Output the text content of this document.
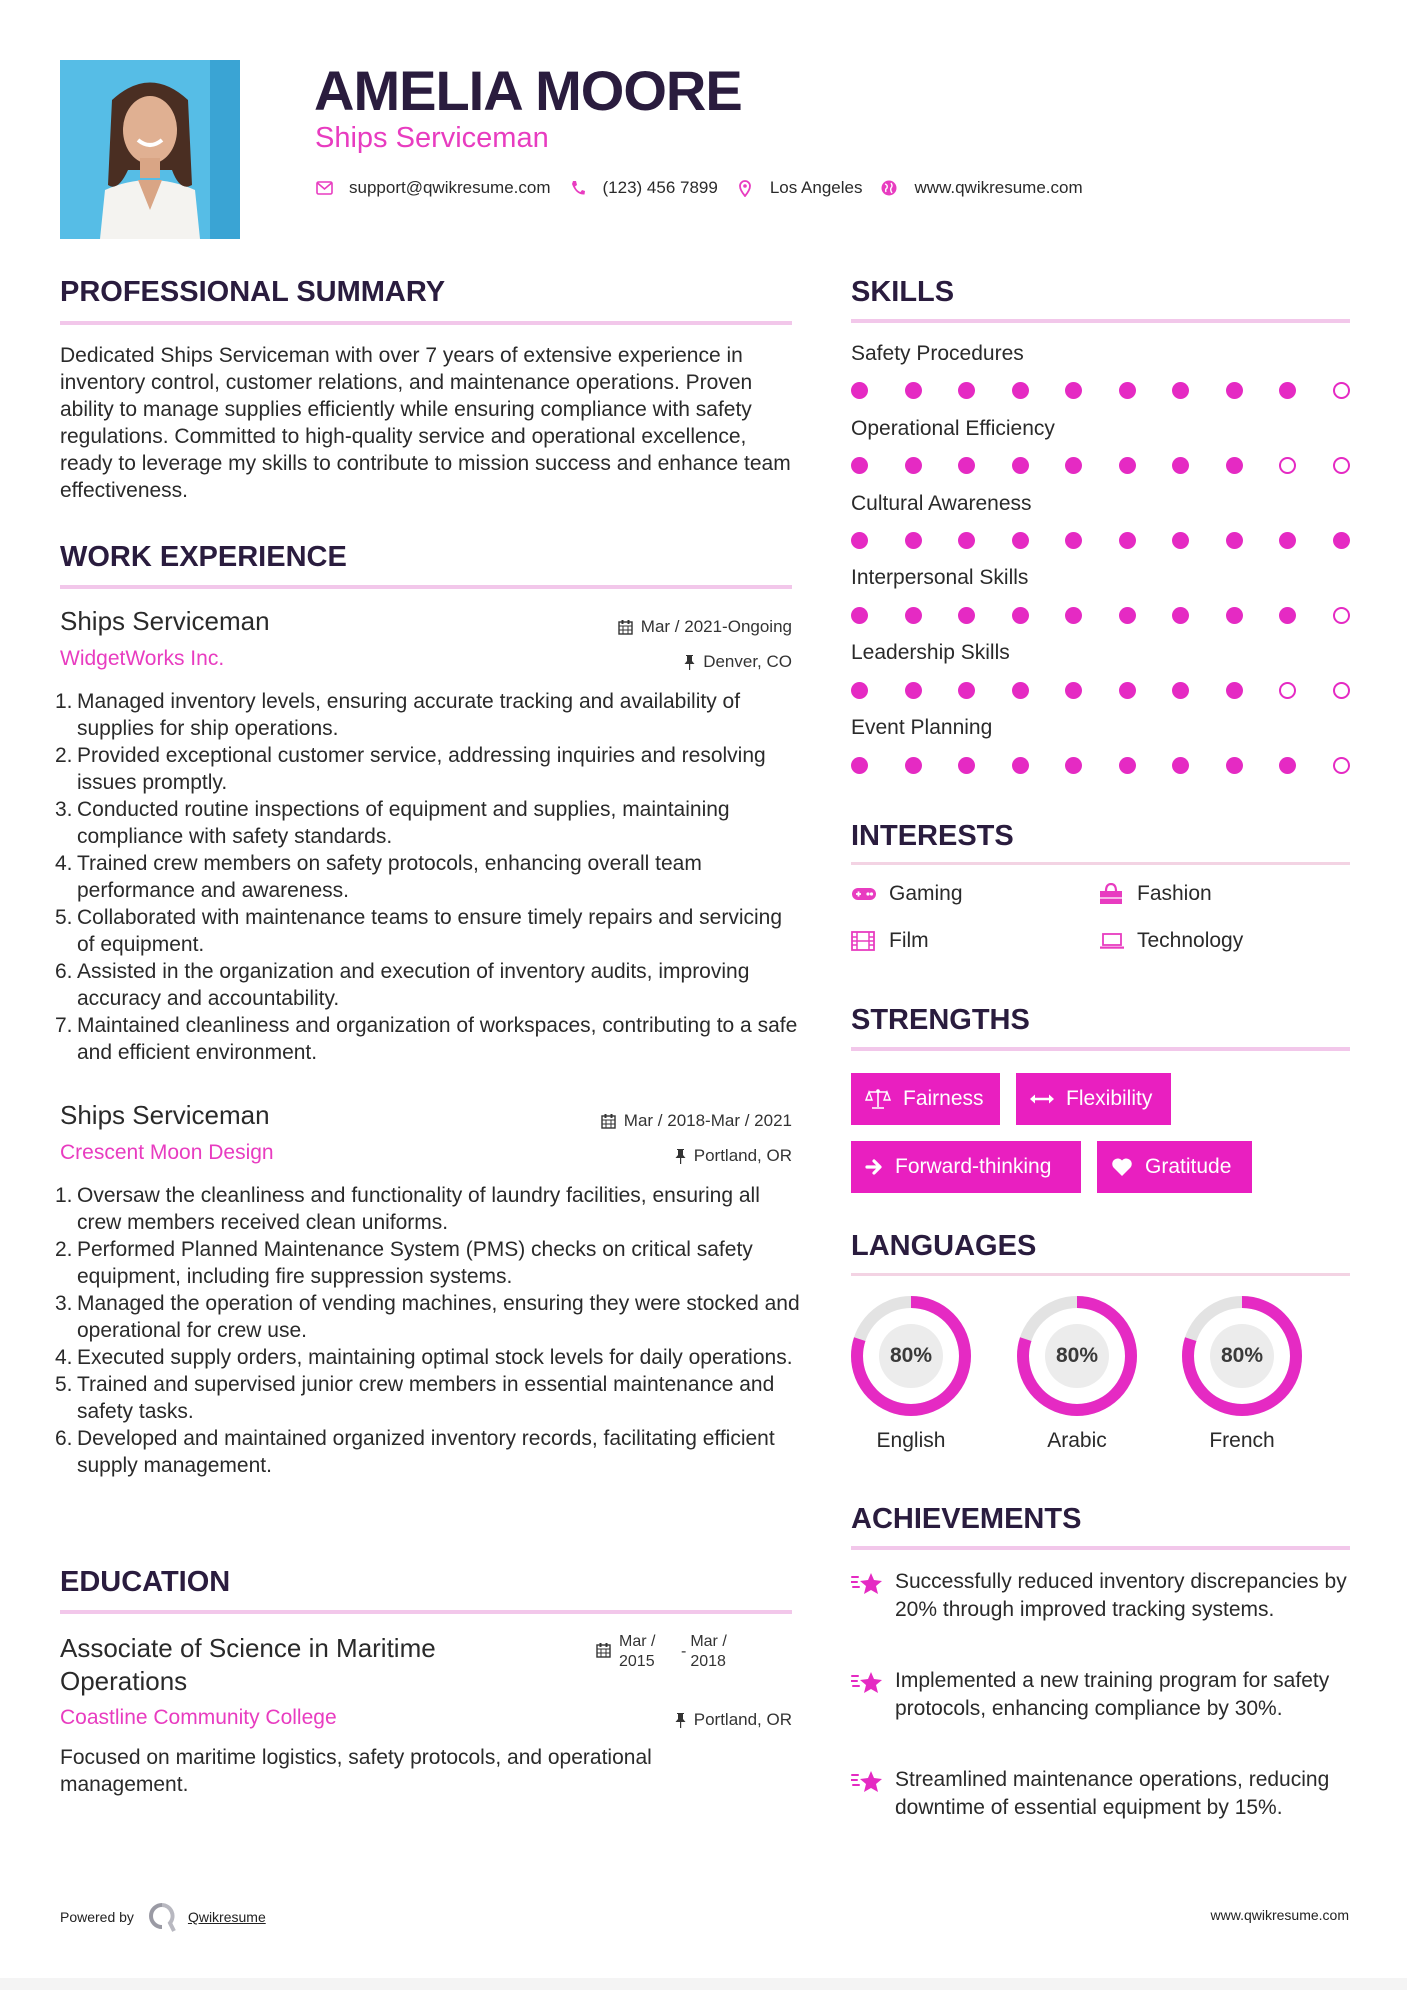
AMELIA MOORE
Ships Serviceman
support@qwikresume.com	(123) 456 7899	Los Angeles	www.qwikresume.com
PROFESSIONAL SUMMARY
Dedicated Ships Serviceman with over 7 years of extensive experience in inventory control, customer relations, and maintenance operations. Proven ability to manage supplies efficiently while ensuring compliance with safety regulations. Committed to high-quality service and operational excellence, ready to leverage my skills to contribute to mission success and enhance team effectiveness.
WORK EXPERIENCE
Ships Serviceman
WidgetWorks Inc.
Mar / 2021-Ongoing
Denver, CO
1. Managed inventory levels, ensuring accurate tracking and availability of supplies for ship operations.
2. Provided exceptional customer service, addressing inquiries and resolving issues promptly.
3. Conducted routine inspections of equipment and supplies, maintaining compliance with safety standards.
4. Trained crew members on safety protocols, enhancing overall team performance and awareness.
5. Collaborated with maintenance teams to ensure timely repairs and servicing of equipment.
6. Assisted in the organization and execution of inventory audits, improving accuracy and accountability.
7. Maintained cleanliness and organization of workspaces, contributing to a safe and efficient environment.
Ships Serviceman
Crescent Moon Design
Mar / 2018-Mar / 2021
Portland, OR
1. Oversaw the cleanliness and functionality of laundry facilities, ensuring all crew members received clean uniforms.
2. Performed Planned Maintenance System (PMS) checks on critical safety equipment, including fire suppression systems.
3. Managed the operation of vending machines, ensuring they were stocked and operational for crew use.
4. Executed supply orders, maintaining optimal stock levels for daily operations.
5. Trained and supervised junior crew members in essential maintenance and safety tasks.
6. Developed and maintained organized inventory records, facilitating efficient supply management.
EDUCATION
Associate of Science in Maritime Operations
Mar / 2015
-
Mar / 2018
Coastline Community College	Portland, OR
Focused on maritime logistics, safety protocols, and operational management.
SKILLS
Safety Procedures
Operational Efficiency
Cultural Awareness
Interpersonal Skills
Leadership Skills
Event Planning
INTERESTS
Gaming	Fashion
Film	Technology
STRENGTHS
Fairness	Flexibility
Forward-thinking	Gratitude
LANGUAGES
80%
English
80%
Arabic
80%
French
ACHIEVEMENTS
Successfully reduced inventory discrepancies by 20% through improved tracking systems.
Implemented a new training program for safety protocols, enhancing compliance by 30%.
Streamlined maintenance operations, reducing downtime of essential equipment by 15%.
Powered by	Qwikresume	www.qwikresume.com
